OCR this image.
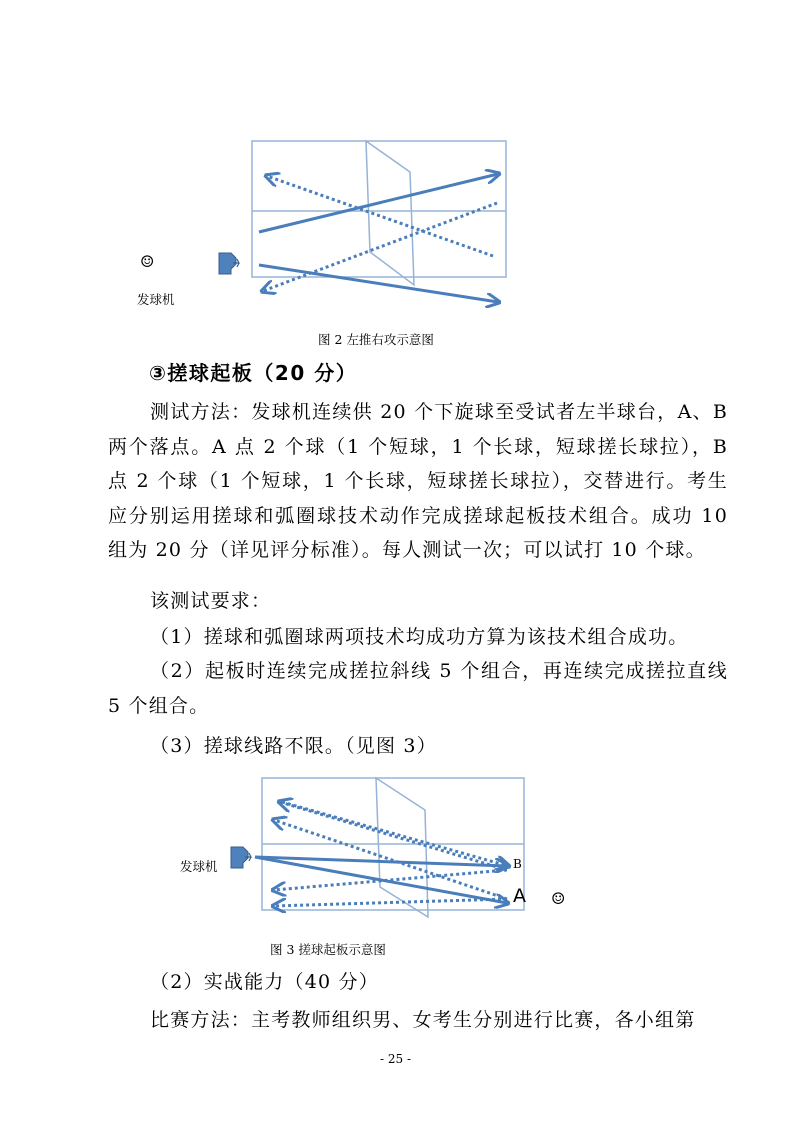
☺
发球机
图 2 左推右攻示意图
③搓球起板（20 分）
测试方法：发球机连续供 20 个下旋球至受试者左半球台，A、B 两个落点。A 点 2 个球（1 个短球，1 个长球，短球搓长球拉），B 点 2 个球（1 个短球，1 个长球，短球搓长球拉），交替进行。考生应分别运用搓球和弧圈球技术动作完成搓球起板技术组合。成功 10 组为 20 分（详见评分标准）。每人测试一次；可以试打 10 个球。
该测试要求：
（1）搓球和弧圈球两项技术均成功方算为该技术组合成功。
（2）起板时连续完成搓拉斜线 5 个组合，再连续完成搓拉直线 5 个组合。
（3）搓球线路不限。（见图 3）
发球机	B
A ☺
图 3 搓球起板示意图
（2）实战能力（40 分）
比赛方法：主考教师组织男、女考生分别进行比赛，各小组第
- 25 -
